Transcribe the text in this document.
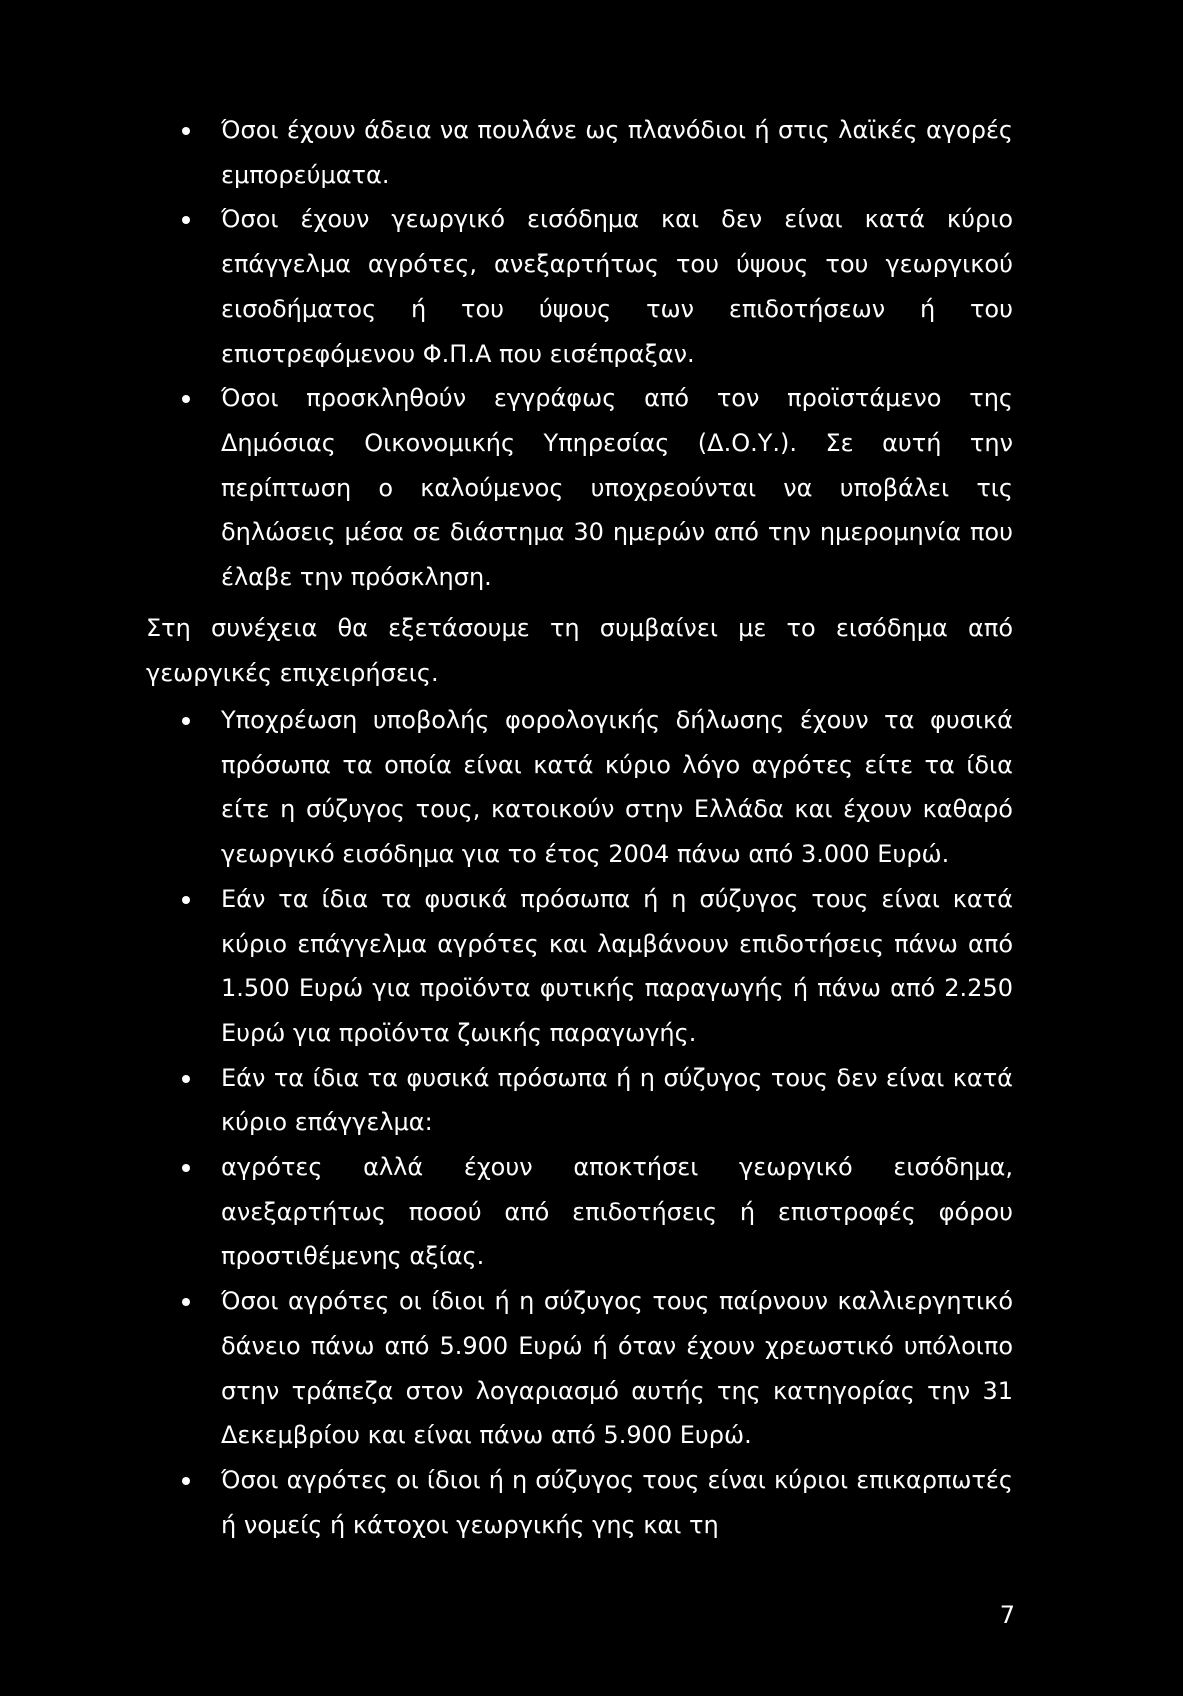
Όσοι έχουν άδεια να πουλάνε ως πλανόδιοι ή στις λαϊκές αγορές εμπορεύματα.
Όσοι έχουν γεωργικό εισόδημα και δεν είναι κατά κύριο επάγγελμα αγρότες, ανεξαρτήτως του ύψους του γεωργικού εισοδήματος ή του ύψους των επιδοτήσεων ή του επιστρεφόμενου Φ.Π.Α που εισέπραξαν.
Όσοι προσκληθούν εγγράφως από τον προϊστάμενο της Δημόσιας Οικονομικής Υπηρεσίας (Δ.Ο.Υ.). Σε αυτή την περίπτωση ο καλούμενος υποχρεούνται να υποβάλει τις δηλώσεις μέσα σε διάστημα 30 ημερών από την ημερομηνία που έλαβε την πρόσκληση.

Στη συνέχεια θα εξετάσουμε τη συμβαίνει με το εισόδημα από γεωργικές επιχειρήσεις.

Υποχρέωση υποβολής φορολογικής δήλωσης έχουν τα φυσικά πρόσωπα τα οποία είναι κατά κύριο λόγο αγρότες είτε τα ίδια είτε η σύζυγος τους, κατοικούν στην Ελλάδα και έχουν καθαρό γεωργικό εισόδημα για το έτος 2004 πάνω από 3.000 Ευρώ.
Εάν τα ίδια τα φυσικά πρόσωπα ή η σύζυγος τους είναι κατά κύριο επάγγελμα αγρότες και λαμβάνουν επιδοτήσεις πάνω από 1.500 Ευρώ για προϊόντα φυτικής παραγωγής ή πάνω από 2.250 Ευρώ για προϊόντα ζωικής παραγωγής.
Εάν τα ίδια τα φυσικά πρόσωπα ή η σύζυγος τους δεν είναι κατά κύριο επάγγελμα:
αγρότες αλλά έχουν αποκτήσει γεωργικό εισόδημα, ανεξαρτήτως ποσού από επιδοτήσεις ή επιστροφές φόρου προστιθέμενης αξίας.
Όσοι αγρότες οι ίδιοι ή η σύζυγος τους παίρνουν καλλιεργητικό δάνειο πάνω από 5.900 Ευρώ ή όταν έχουν χρεωστικό υπόλοιπο στην τράπεζα στον λογαριασμό αυτής της κατηγορίας την 31 Δεκεμβρίου και είναι πάνω από 5.900 Ευρώ.
Όσοι αγρότες οι ίδιοι ή η σύζυγος τους είναι κύριοι επικαρπωτές ή νομείς ή κάτοχοι γεωργικής γης και τη
7
